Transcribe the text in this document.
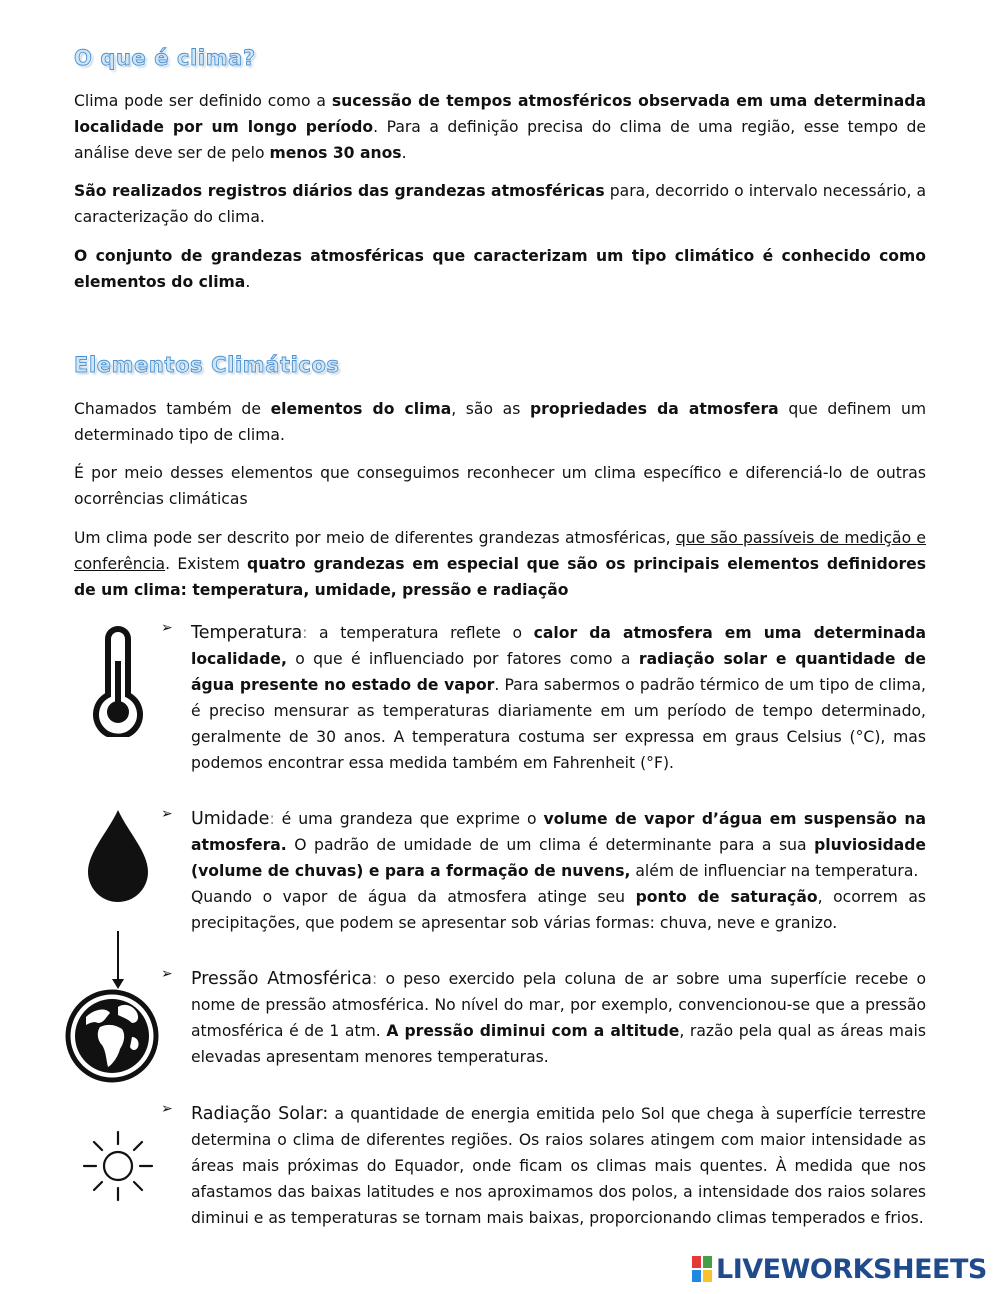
O que é clima?

Clima pode ser definido como a sucessão de tempos atmosféricos observada em uma determinada localidade por um longo período. Para a definição precisa do clima de uma região, esse tempo de análise deve ser de pelo menos 30 anos.

São realizados registros diários das grandezas atmosféricas para, decorrido o intervalo necessário, a caracterização do clima.

O conjunto de grandezas atmosféricas que caracterizam um tipo climático é conhecido como elementos do clima.

Elementos Climáticos

Chamados também de elementos do clima, são as propriedades da atmosfera que definem um determinado tipo de clima.

É por meio desses elementos que conseguimos reconhecer um clima específico e diferenciá-lo de outras ocorrências climáticas

Um clima pode ser descrito por meio de diferentes grandezas atmosféricas, que são passíveis de medição e conferência. Existem quatro grandezas em especial que são os principais elementos definidores de um clima: temperatura, umidade, pressão e radiação

➢ Temperatura: a temperatura reflete o calor da atmosfera em uma determinada localidade, o que é influenciado por fatores como a radiação solar e quantidade de água presente no estado de vapor. Para sabermos o padrão térmico de um tipo de clima, é preciso mensurar as temperaturas diariamente em um período de tempo determinado, geralmente de 30 anos. A temperatura costuma ser expressa em graus Celsius (°C), mas podemos encontrar essa medida também em Fahrenheit (°F).

➢ Umidade: é uma grandeza que exprime o volume de vapor d’água em suspensão na atmosfera. O padrão de umidade de um clima é determinante para a sua pluviosidade (volume de chuvas) e para a formação de nuvens, além de influenciar na temperatura.
Quando o vapor de água da atmosfera atinge seu ponto de saturação, ocorrem as precipitações, que podem se apresentar sob várias formas: chuva, neve e granizo.

➢ Pressão Atmosférica: o peso exercido pela coluna de ar sobre uma superfície recebe o nome de pressão atmosférica. No nível do mar, por exemplo, convencionou-se que a pressão atmosférica é de 1 atm. A pressão diminui com a altitude, razão pela qual as áreas mais elevadas apresentam menores temperaturas.

➢ Radiação Solar: a quantidade de energia emitida pelo Sol que chega à superfície terrestre determina o clima de diferentes regiões. Os raios solares atingem com maior intensidade as áreas mais próximas do Equador, onde ficam os climas mais quentes. À medida que nos afastamos das baixas latitudes e nos aproximamos dos polos, a intensidade dos raios solares diminui e as temperaturas se tornam mais baixas, proporcionando climas temperados e frios.

LIVEWORKSHEETS
